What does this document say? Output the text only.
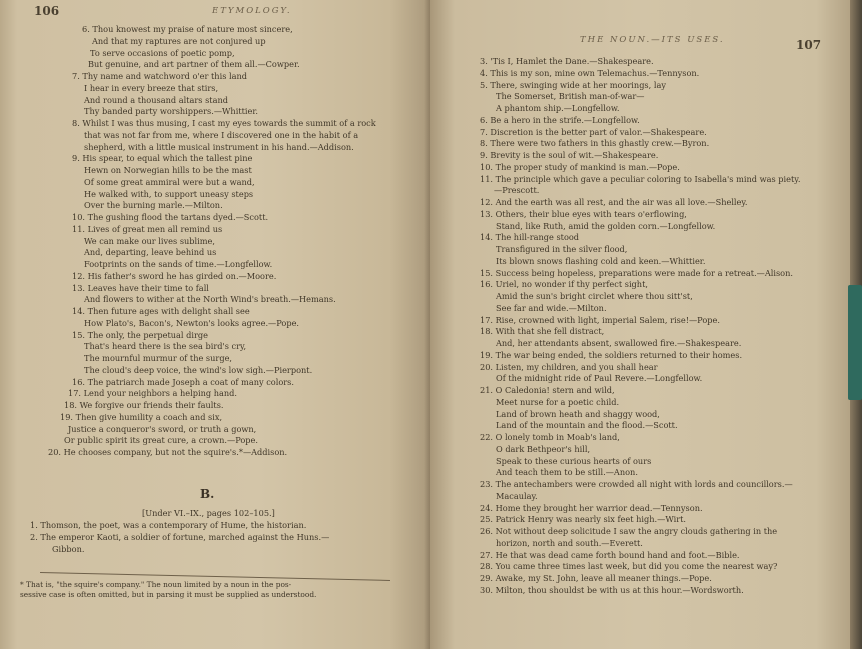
106	ETYMOLOGY.
6. Thou knowest my praise of nature most sincere,
And that my raptures are not conjured up
To serve occasions of poetic pomp,
But genuine, and art partner of them all.—Cowper.
7. Thy name and watchword o'er this land
I hear in every breeze that stirs,
And round a thousand altars stand
Thy banded party worshippers.—Whittier.
8. Whilst I was thus musing, I cast my eyes towards the summit of a rock
that was not far from me, where I discovered one in the habit of a
shepherd, with a little musical instrument in his hand.—Addison.
9. His spear, to equal which the tallest pine
Hewn on Norwegian hills to be the mast
Of some great ammiral were but a wand,
He walked with, to support uneasy steps
Over the burning marle.—Milton.
10. The gushing flood the tartans dyed.—Scott.
11. Lives of great men all remind us
We can make our lives sublime,
And, departing, leave behind us
Footprints on the sands of time.—Longfellow.
12. His father's sword he has girded on.—Moore.
13. Leaves have their time to fall
And flowers to wither at the North Wind's breath.—Hemans.
14. Then future ages with delight shall see
How Plato's, Bacon's, Newton's looks agree.—Pope.
15. The only, the perpetual dirge
That's heard there is the sea bird's cry,
The mournful murmur of the surge,
The cloud's deep voice, the wind's low sigh.—Pierpont.
16. The patriarch made Joseph a coat of many colors.
17. Lend your neighbors a helping hand.
18. We forgive our friends their faults.
19. Then give humility a coach and six,
Justice a conqueror's sword, or truth a gown,
Or public spirit its great cure, a crown.—Pope.
20. He chooses company, but not the squire's.*—Addison.
B.
[Under VI.–IX., pages 102–105.]
1. Thomson, the poet, was a contemporary of Hume, the historian.
2. The emperor Kaoti, a soldier of fortune, marched against the Huns.—
Gibbon.
* That is, "the squire's company." The noun limited by a noun in the pos-
sessive case is often omitted, but in parsing it must be supplied as understood.
THE NOUN.—ITS USES.	107
3. 'Tis I, Hamlet the Dane.—Shakespeare.
4. This is my son, mine own Telemachus.—Tennyson.
5. There, swinging wide at her moorings, lay
The Somerset, British man-of-war—
A phantom ship.—Longfellow.
6. Be a hero in the strife.—Longfellow.
7. Discretion is the better part of valor.—Shakespeare.
8. There were two fathers in this ghastly crew.—Byron.
9. Brevity is the soul of wit.—Shakespeare.
10. The proper study of mankind is man.—Pope.
11. The principle which gave a peculiar coloring to Isabella's mind was piety.
—Prescott.
12. And the earth was all rest, and the air was all love.—Shelley.
13. Others, their blue eyes with tears o'erflowing,
Stand, like Ruth, amid the golden corn.—Longfellow.
14. The hill-range stood
Transfigured in the silver flood,
Its blown snows flashing cold and keen.—Whittier.
15. Success being hopeless, preparations were made for a retreat.—Alison.
16. Uriel, no wonder if thy perfect sight,
Amid the sun's bright circlet where thou sitt'st,
See far and wide.—Milton.
17. Rise, crowned with light, imperial Salem, rise!—Pope.
18. With that she fell distract,
And, her attendants absent, swallowed fire.—Shakespeare.
19. The war being ended, the soldiers returned to their homes.
20. Listen, my children, and you shall hear
Of the midnight ride of Paul Revere.—Longfellow.
21. O Caledonia! stern and wild,
Meet nurse for a poetic child.
Land of brown heath and shaggy wood,
Land of the mountain and the flood.—Scott.
22. O lonely tomb in Moab's land,
O dark Bethpeor's hill,
Speak to these curious hearts of ours
And teach them to be still.—Anon.
23. The antechambers were crowded all night with lords and councillors.—
Macaulay.
24. Home they brought her warrior dead.—Tennyson.
25. Patrick Henry was nearly six feet high.—Wirt.
26. Not without deep solicitude I saw the angry clouds gathering in the
horizon, north and south.—Everett.
27. He that was dead came forth bound hand and foot.—Bible.
28. You came three times last week, but did you come the nearest way?
29. Awake, my St. John, leave all meaner things.—Pope.
30. Milton, thou shouldst be with us at this hour.—Wordsworth.
